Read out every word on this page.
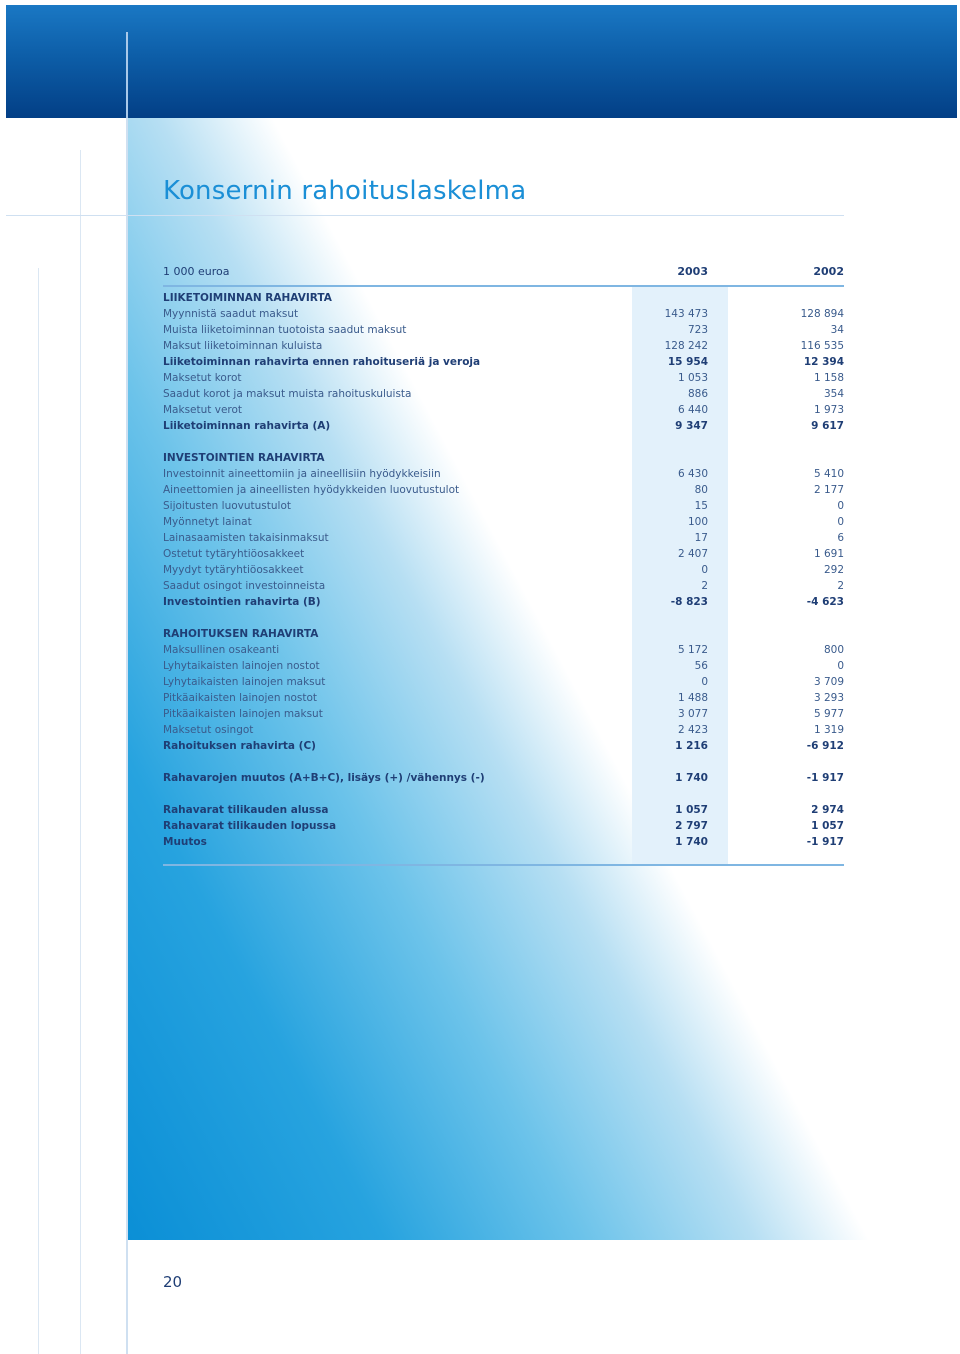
Konsernin rahoituslaskelma
1 000 euroa	2003	2002
LIIKETOIMINNAN RAHAVIRTA
Myynnistä saadut maksut	143 473	128 894
Muista liiketoiminnan tuotoista saadut maksut	723	34
Maksut liiketoiminnan kuluista	128 242	116 535
Liiketoiminnan rahavirta ennen rahoituseriä ja veroja	15 954	12 394
Maksetut korot	1 053	1 158
Saadut korot ja maksut muista rahoituskuluista	886	354
Maksetut verot	6 440	1 973
Liiketoiminnan rahavirta (A)	9 347	9 617
INVESTOINTIEN RAHAVIRTA
Investoinnit aineettomiin ja aineellisiin hyödykkeisiin	6 430	5 410
Aineettomien ja aineellisten hyödykkeiden luovutustulot	80	2 177
Sijoitusten luovutustulot	15	0
Myönnetyt lainat	100	0
Lainasaamisten takaisinmaksut	17	6
Ostetut tytäryhtiöosakkeet	2 407	1 691
Myydyt tytäryhtiöosakkeet	0	292
Saadut osingot investoinneista	2	2
Investointien rahavirta (B)	-8 823	-4 623
RAHOITUKSEN RAHAVIRTA
Maksullinen osakeanti	5 172	800
Lyhytaikaisten lainojen nostot	56	0
Lyhytaikaisten lainojen maksut	0	3 709
Pitkäaikaisten lainojen nostot	1 488	3 293
Pitkäaikaisten lainojen maksut	3 077	5 977
Maksetut osingot	2 423	1 319
Rahoituksen rahavirta (C)	1 216	-6 912
Rahavarojen muutos (A+B+C), lisäys (+) /vähennys (-)	1 740	-1 917
Rahavarat tilikauden alussa	1 057	2 974
Rahavarat tilikauden lopussa	2 797	1 057
Muutos	1 740	-1 917
20
